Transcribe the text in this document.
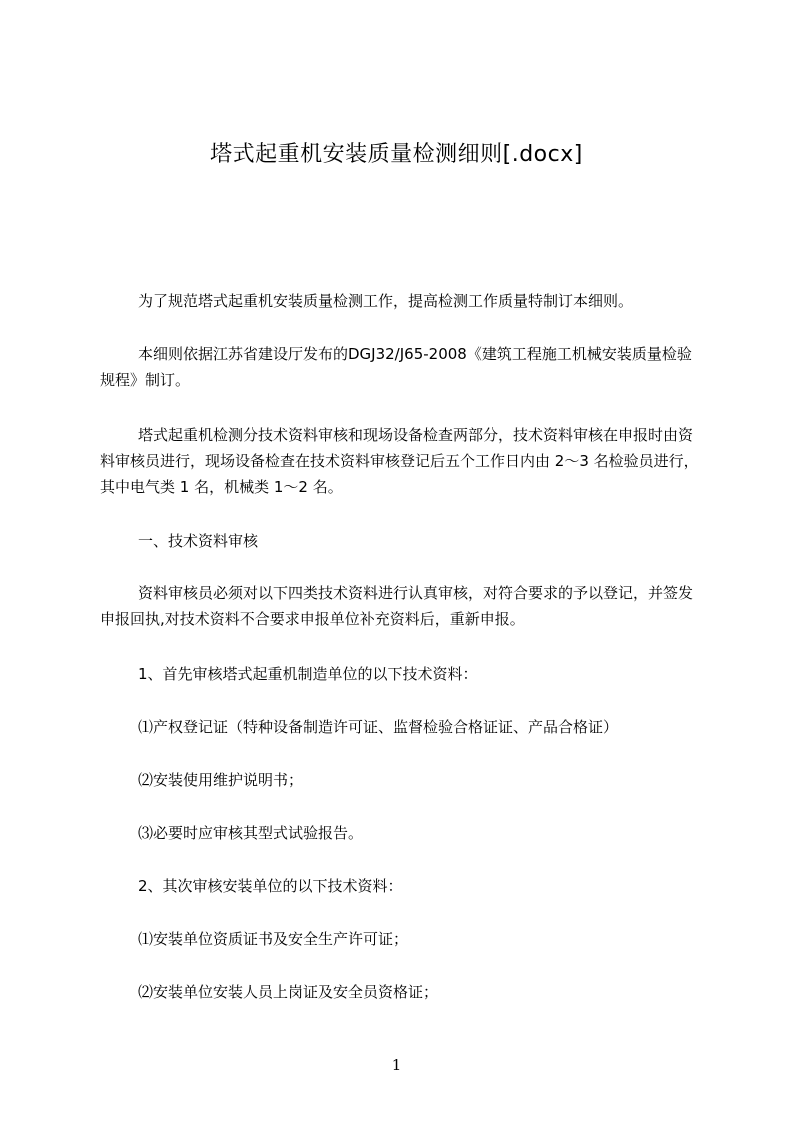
塔式起重机安装质量检测细则[.docx]
为了规范塔式起重机安装质量检测工作，提高检测工作质量特制订本细则。
本细则依据江苏省建设厅发布的DGJ32/J65-2008《建筑工程施工机械安装质量检验规程》制订。
塔式起重机检测分技术资料审核和现场设备检查两部分，技术资料审核在申报时由资料审核员进行，现场设备检查在技术资料审核登记后五个工作日内由 2～3 名检验员进行，其中电气类 1 名，机械类 1～2 名。
一、技术资料审核
资料审核员必须对以下四类技术资料进行认真审核，对符合要求的予以登记，并签发申报回执,对技术资料不合要求申报单位补充资料后，重新申报。
1、首先审核塔式起重机制造单位的以下技术资料：
⑴产权登记证（特种设备制造许可证、监督检验合格证证、产品合格证）
⑵安装使用维护说明书；
⑶必要时应审核其型式试验报告。
2、其次审核安装单位的以下技术资料：
⑴安装单位资质证书及安全生产许可证；
⑵安装单位安装人员上岗证及安全员资格证；
1
